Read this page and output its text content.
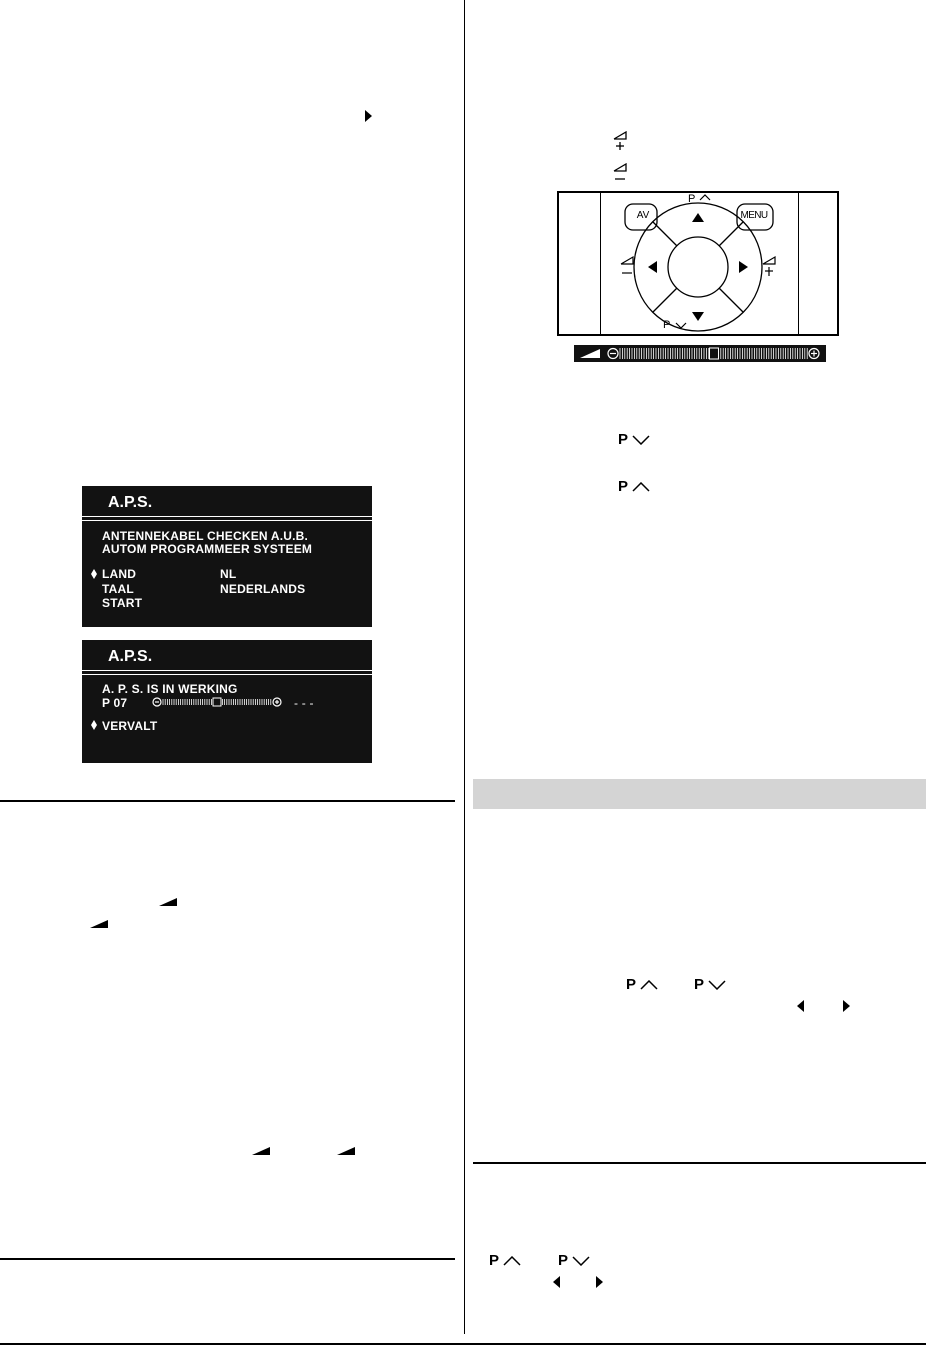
A.P.S.
ANTENNEKABEL CHECKEN A.U.B.
AUTOM PROGRAMMEER SYSTEEM
LAND	NL
TAAL	NEDERLANDS
START
A.P.S.
A. P. S. IS IN WERKING
P 07	- - -
VERVALT
AV	MENU
P
P
P
P
P	P
P	P
